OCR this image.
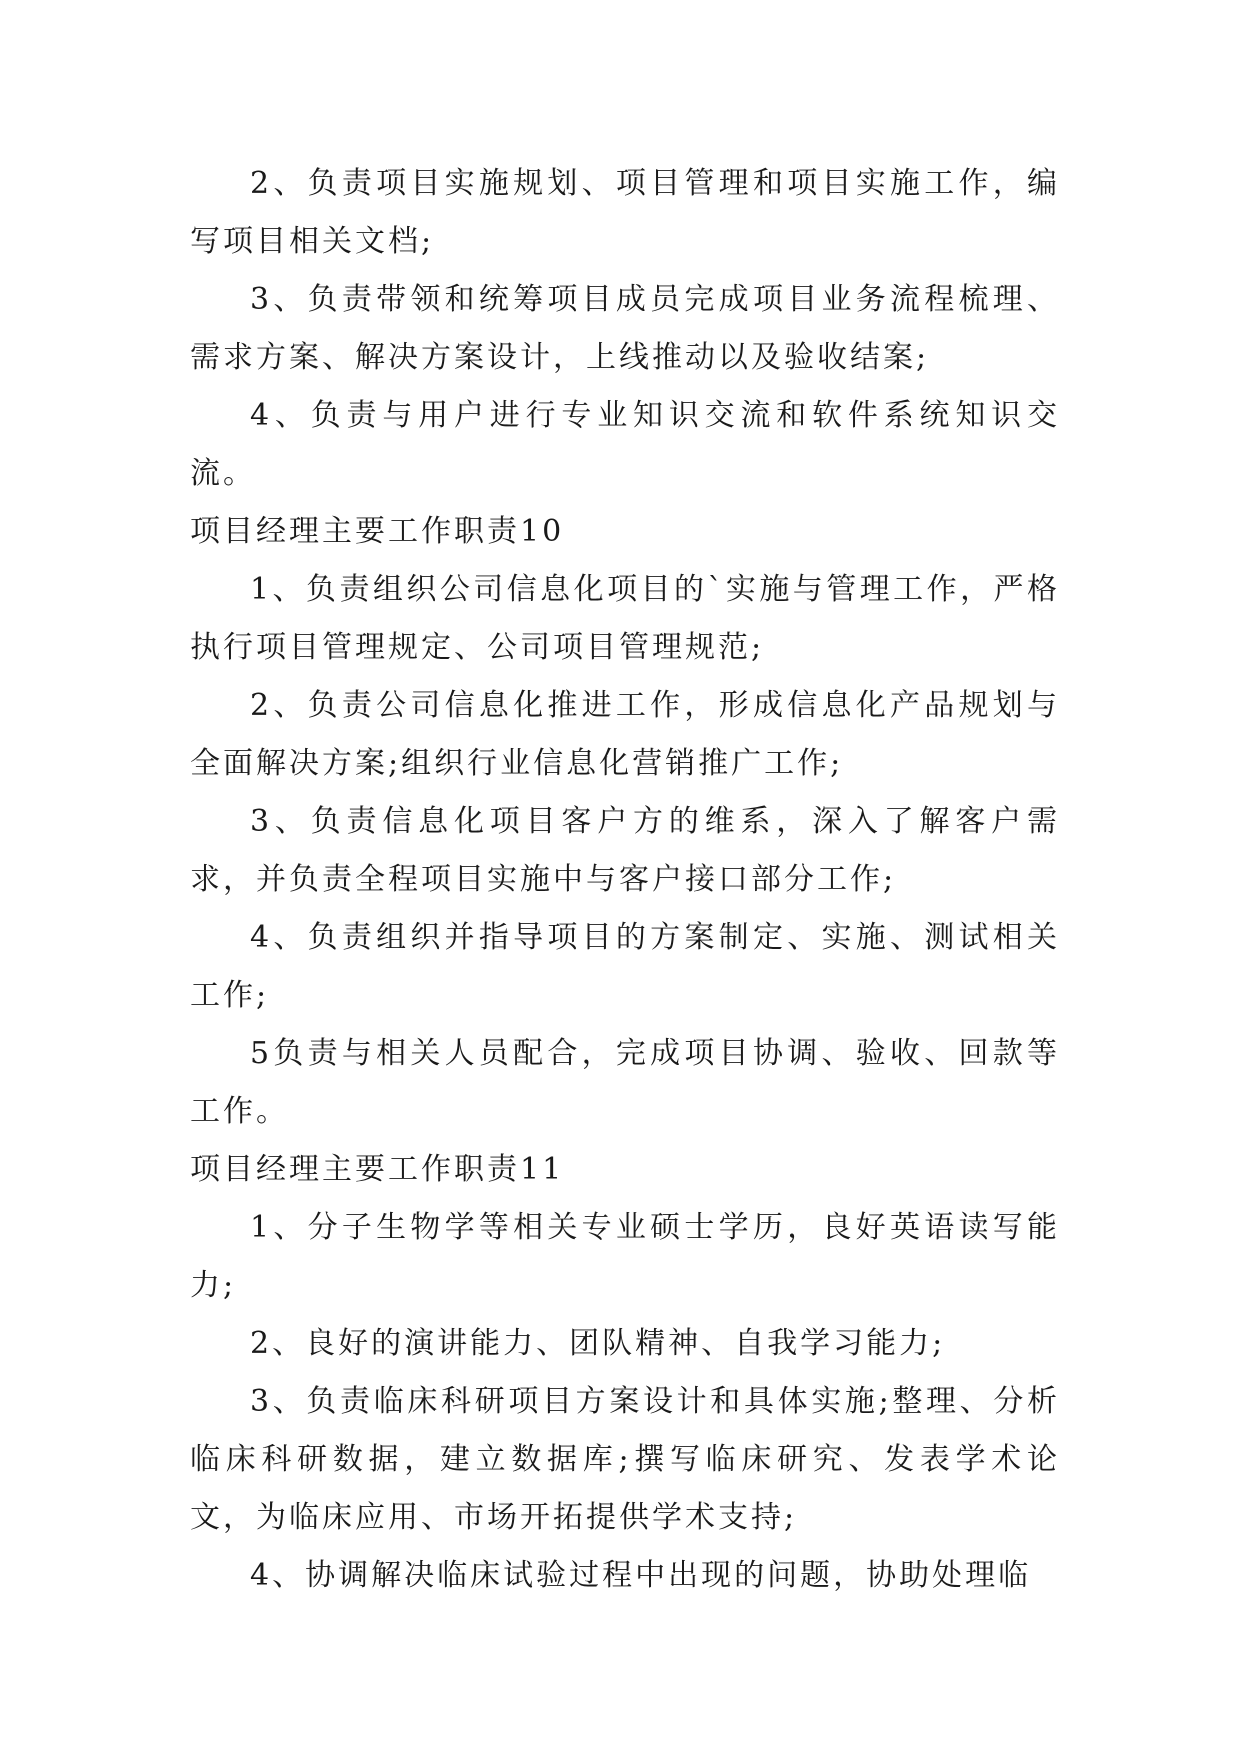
2、负责项目实施规划、项目管理和项目实施工作，编写项目相关文档;

3、负责带领和统筹项目成员完成项目业务流程梳理、需求方案、解决方案设计，上线推动以及验收结案;

4、负责与用户进行专业知识交流和软件系统知识交流。

项目经理主要工作职责10

1、负责组织公司信息化项目的`实施与管理工作，严格执行项目管理规定、公司项目管理规范;

2、负责公司信息化推进工作，形成信息化产品规划与全面解决方案;组织行业信息化营销推广工作;

3、负责信息化项目客户方的维系，深入了解客户需求，并负责全程项目实施中与客户接口部分工作;

4、负责组织并指导项目的方案制定、实施、测试相关工作;

5负责与相关人员配合，完成项目协调、验收、回款等工作。

项目经理主要工作职责11

1、分子生物学等相关专业硕士学历，良好英语读写能力;

2、良好的演讲能力、团队精神、自我学习能力;

3、负责临床科研项目方案设计和具体实施;整理、分析临床科研数据，建立数据库;撰写临床研究、发表学术论文，为临床应用、市场开拓提供学术支持;

4、协调解决临床试验过程中出现的问题，协助处理临
